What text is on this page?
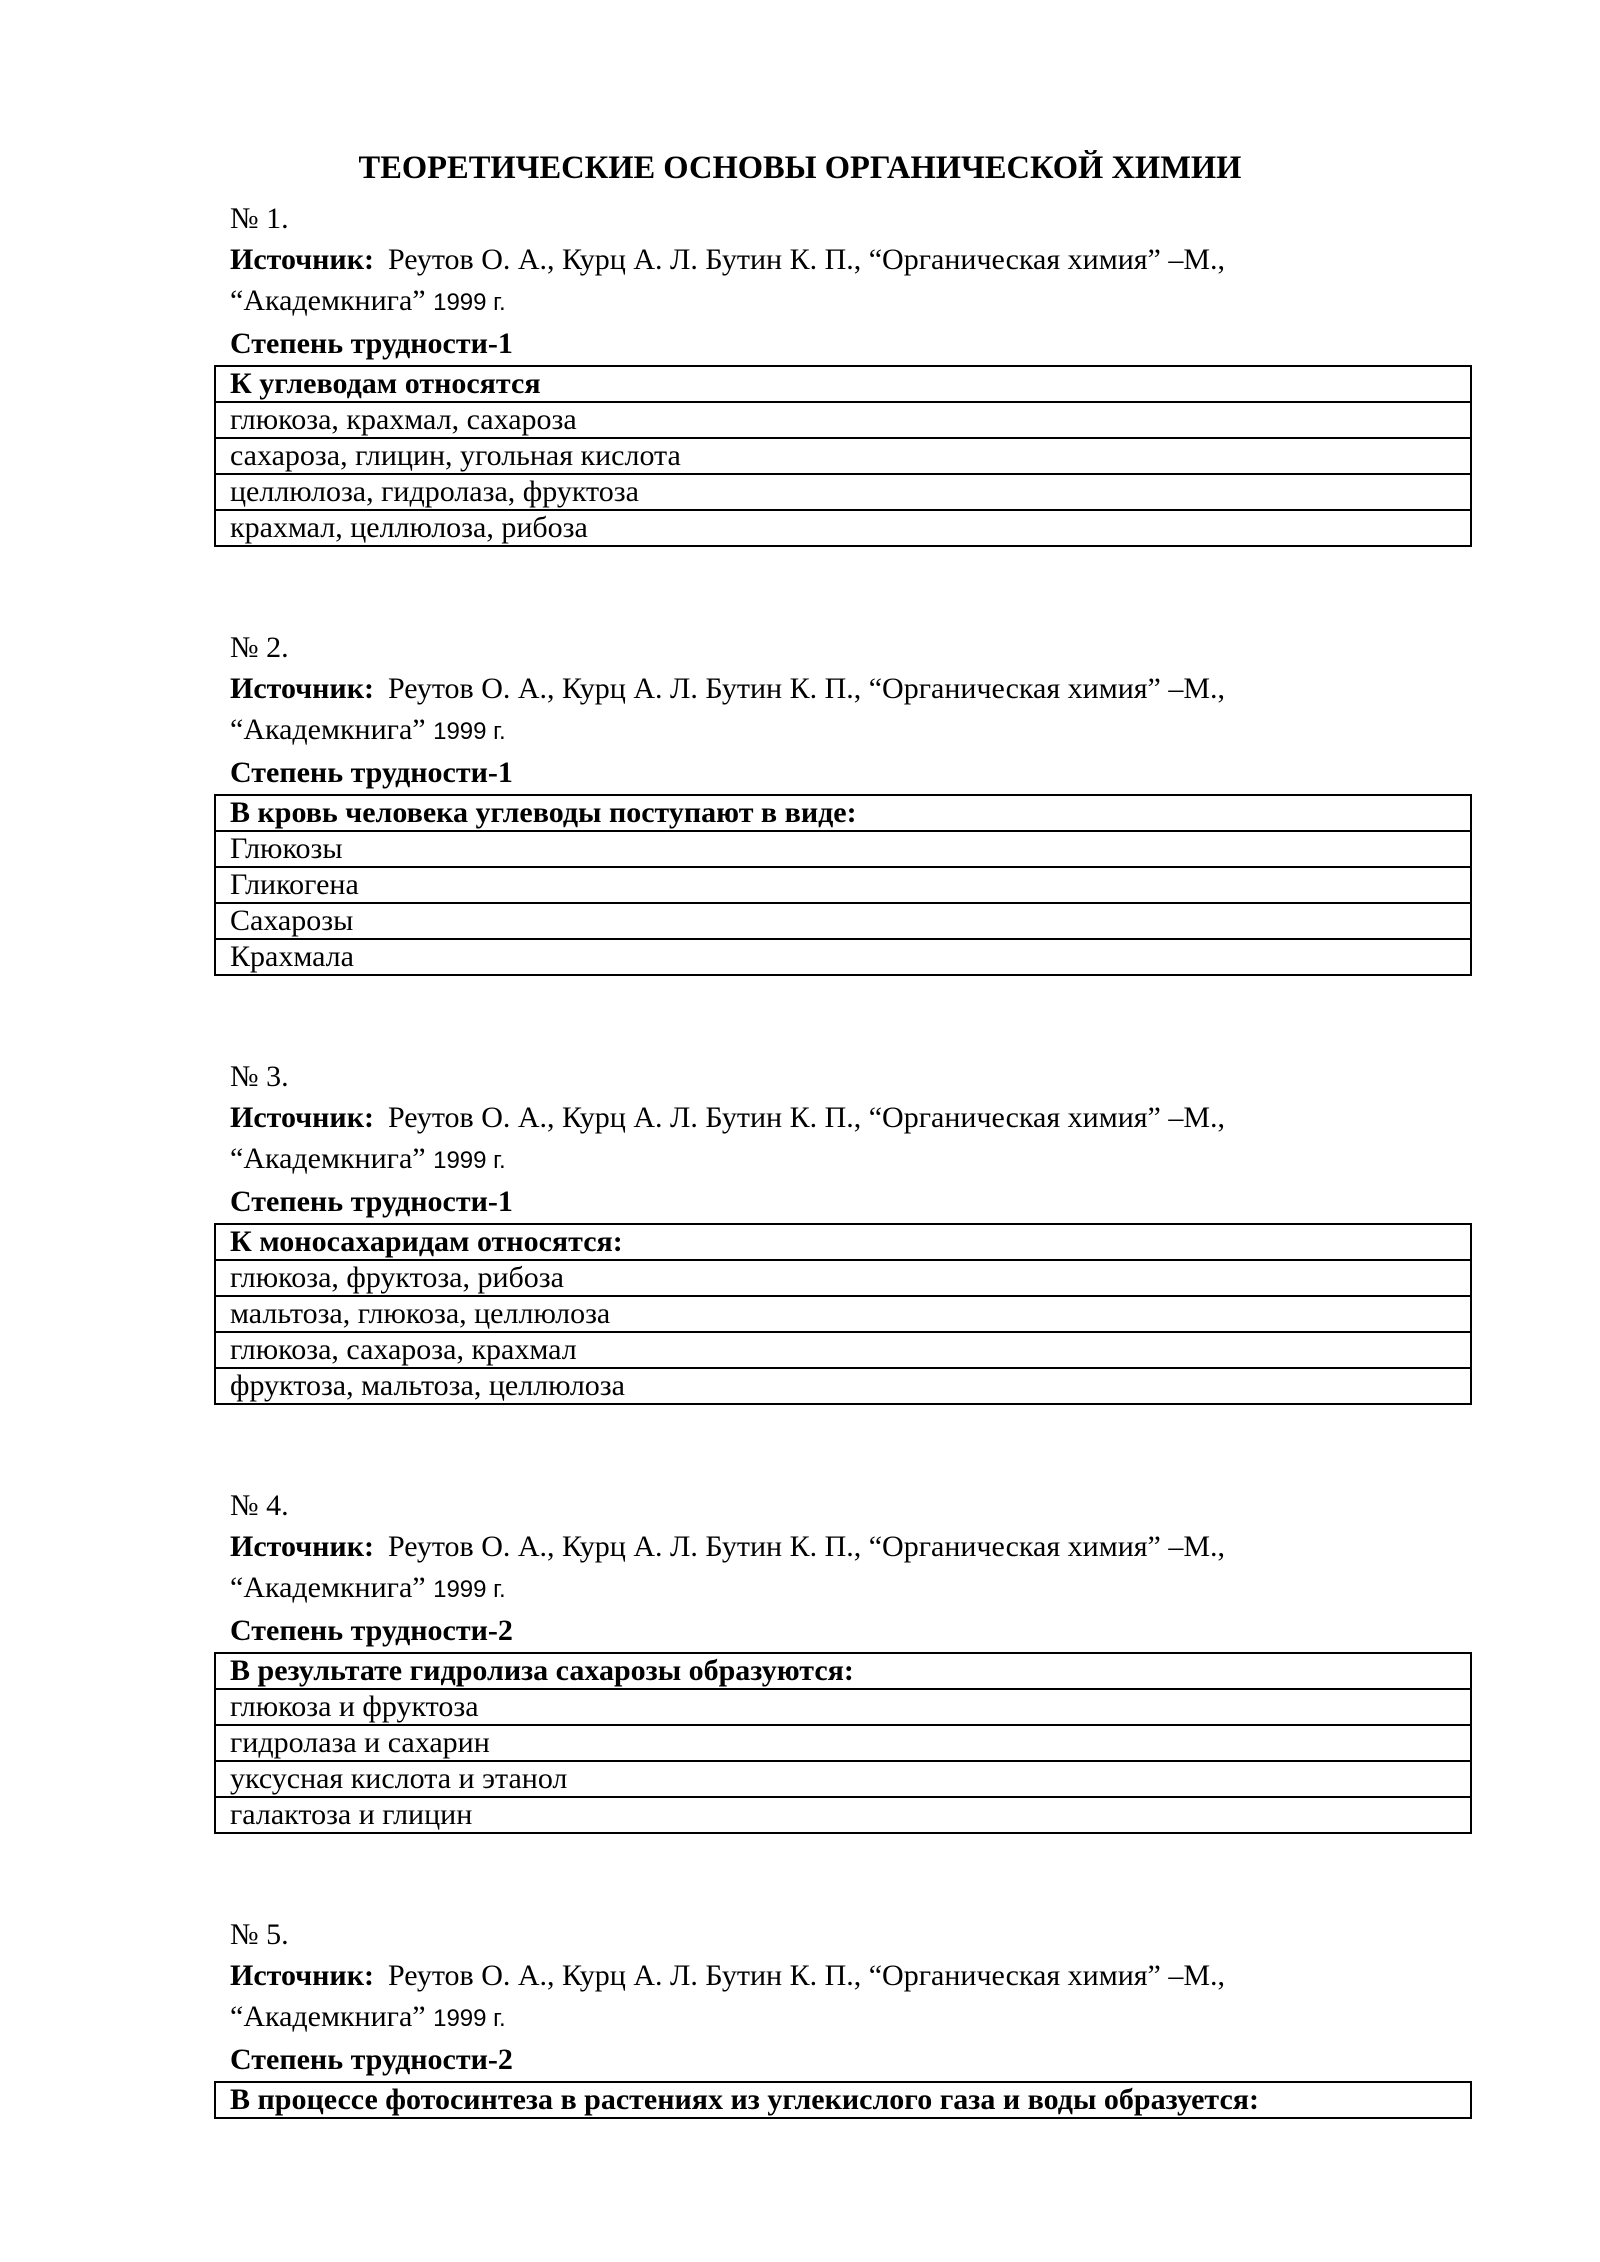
ТЕОРЕТИЧЕСКИЕ ОСНОВЫ ОРГАНИЧЕСКОЙ ХИМИИ
№ 1.
Источник: Реутов О. А., Курц А. Л. Бутин К. П., “Органическая химия” –М.,
“Академкнига” 1999 г.
Степень трудности-1
К углеводам относятся
глюкоза, крахмал, сахароза
сахароза, глицин, угольная кислота
целлюлоза, гидролаза, фруктоза
крахмал, целлюлоза, рибоза
№ 2.
Источник: Реутов О. А., Курц А. Л. Бутин К. П., “Органическая химия” –М.,
“Академкнига” 1999 г.
Степень трудности-1
В кровь человека углеводы поступают в виде:
Глюкозы
Гликогена
Сахарозы
Крахмала
№ 3.
Источник: Реутов О. А., Курц А. Л. Бутин К. П., “Органическая химия” –М.,
“Академкнига” 1999 г.
Степень трудности-1
К моносахаридам относятся:
глюкоза, фруктоза, рибоза
мальтоза, глюкоза, целлюлоза
глюкоза, сахароза, крахмал
фруктоза, мальтоза, целлюлоза
№ 4.
Источник: Реутов О. А., Курц А. Л. Бутин К. П., “Органическая химия” –М.,
“Академкнига” 1999 г.
Степень трудности-2
В результате гидролиза сахарозы образуются:
глюкоза и фруктоза
гидролаза и сахарин
уксусная кислота и этанол
галактоза и глицин
№ 5.
Источник: Реутов О. А., Курц А. Л. Бутин К. П., “Органическая химия” –М.,
“Академкнига” 1999 г.
Степень трудности-2
В процессе фотосинтеза в растениях из углекислого газа и воды образуется:
